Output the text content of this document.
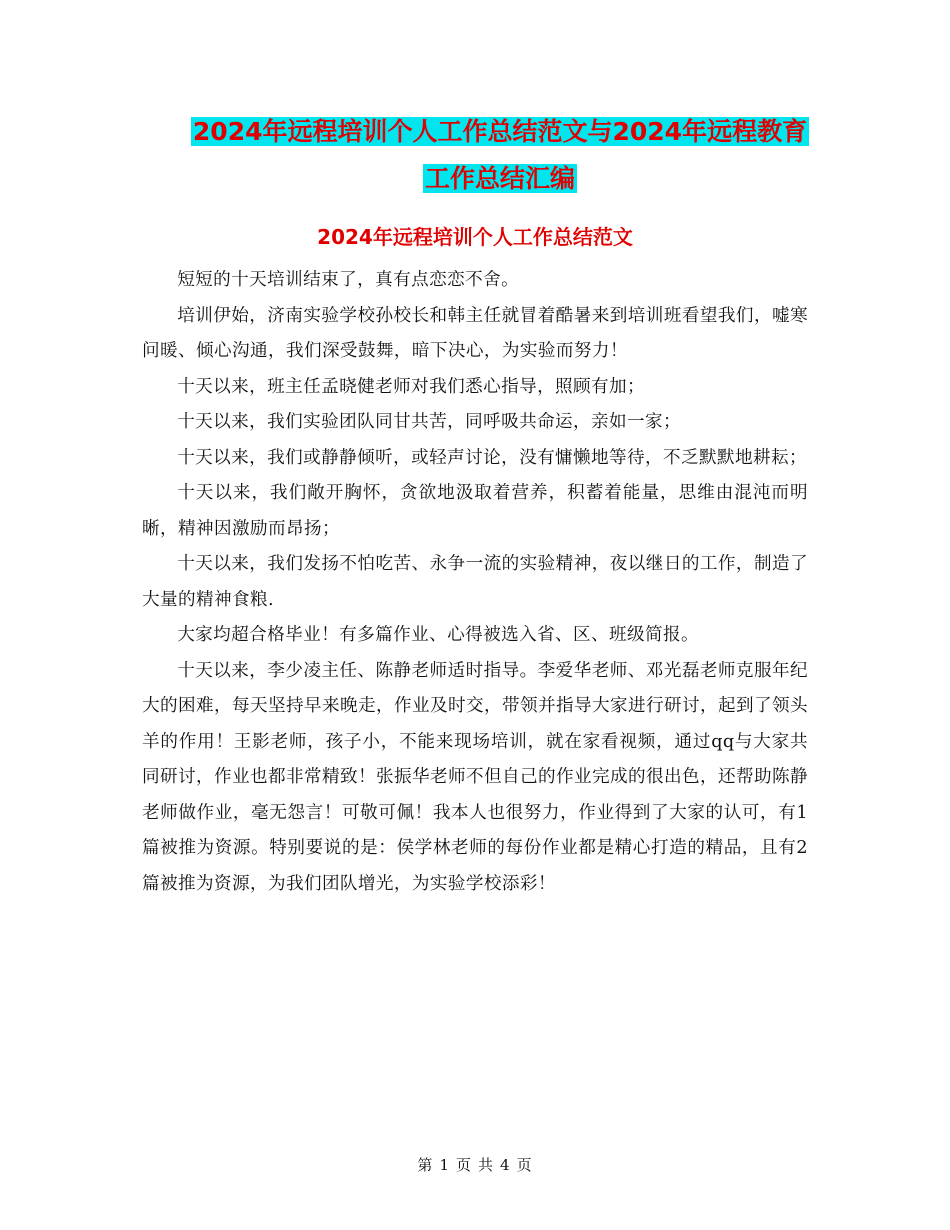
2024年远程培训个人工作总结范文与2024年远程教育
工作总结汇编
2024年远程培训个人工作总结范文

短短的十天培训结束了，真有点恋恋不舍。

培训伊始，济南实验学校孙校长和韩主任就冒着酷暑来到培训班看望我们，嘘寒问暖、倾心沟通，我们深受鼓舞，暗下决心，为实验而努力！

十天以来，班主任孟晓健老师对我们悉心指导，照顾有加；

十天以来，我们实验团队同甘共苦，同呼吸共命运，亲如一家；

十天以来，我们或静静倾听，或轻声讨论，没有慵懒地等待，不乏默默地耕耘；

十天以来，我们敞开胸怀，贪欲地汲取着营养，积蓄着能量，思维由混沌而明晰，精神因激励而昂扬；

十天以来，我们发扬不怕吃苦、永争一流的实验精神，夜以继日的工作，制造了大量的精神食粮.

大家均超合格毕业！有多篇作业、心得被选入省、区、班级简报。

十天以来，李少凌主任、陈静老师适时指导。李爱华老师、邓光磊老师克服年纪大的困难，每天坚持早来晚走，作业及时交，带领并指导大家进行研讨，起到了领头羊的作用！王影老师，孩子小，不能来现场培训，就在家看视频，通过qq与大家共同研讨，作业也都非常精致！张振华老师不但自己的作业完成的很出色，还帮助陈静老师做作业，毫无怨言！可敬可佩！我本人也很努力，作业得到了大家的认可，有1篇被推为资源。特别要说的是：侯学林老师的每份作业都是精心打造的精品，且有2篇被推为资源，为我们团队增光，为实验学校添彩！

第 1 页 共 4 页
